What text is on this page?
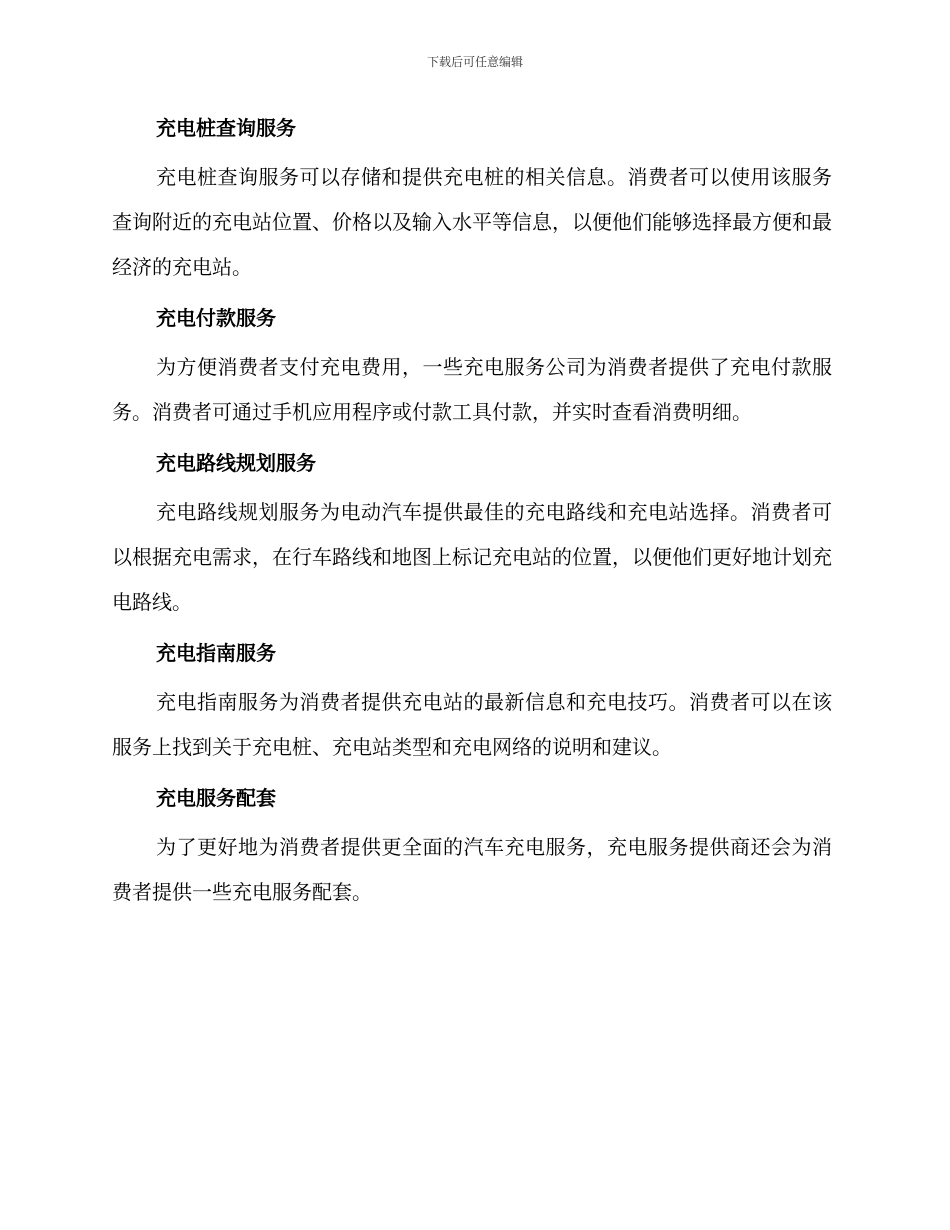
下载后可任意编辑
充电桩查询服务

充电桩查询服务可以存储和提供充电桩的相关信息。消费者可以使用该服务查询附近的充电站位置、价格以及输入水平等信息，以便他们能够选择最方便和最经济的充电站。

充电付款服务

为方便消费者支付充电费用，一些充电服务公司为消费者提供了充电付款服务。消费者可通过手机应用程序或付款工具付款，并实时查看消费明细。

充电路线规划服务

充电路线规划服务为电动汽车提供最佳的充电路线和充电站选择。消费者可以根据充电需求，在行车路线和地图上标记充电站的位置，以便他们更好地计划充电路线。

充电指南服务

充电指南服务为消费者提供充电站的最新信息和充电技巧。消费者可以在该服务上找到关于充电桩、充电站类型和充电网络的说明和建议。

充电服务配套

为了更好地为消费者提供更全面的汽车充电服务，充电服务提供商还会为消费者提供一些充电服务配套。
